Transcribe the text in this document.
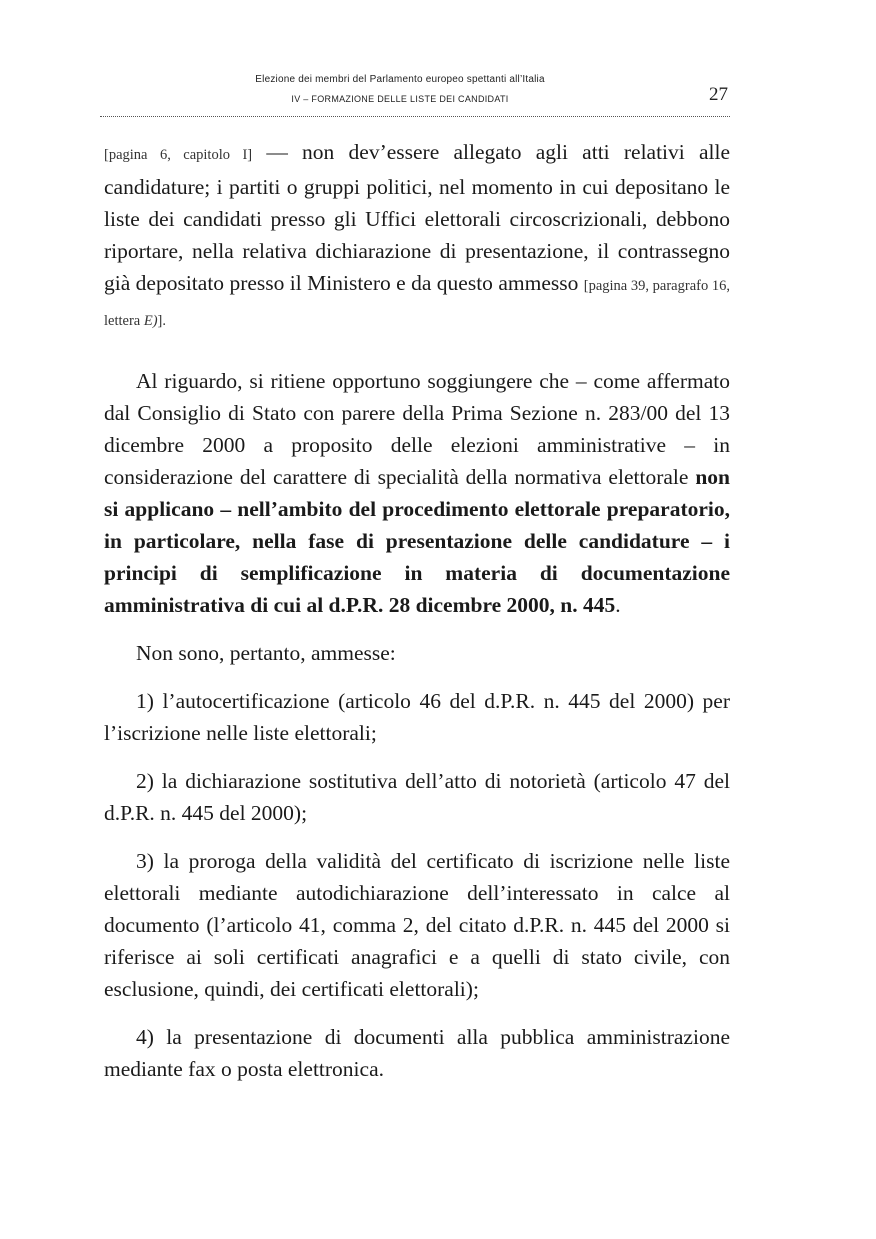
Elezione dei membri del Parlamento europeo spettanti all’Italia
IV – FORMAZIONE DELLE LISTE DEI CANDIDATI	27

[pagina 6, capitolo I] — non dev’essere allegato agli atti relativi alle candidature; i partiti o gruppi politici, nel momento in cui depositano le liste dei candidati presso gli Uffici elettorali circoscrizionali, debbono riportare, nella relativa dichiarazione di presentazione, il contrassegno già depositato presso il Ministero e da questo ammesso [pagina 39, paragrafo 16, lettera E)].

Al riguardo, si ritiene opportuno soggiungere che – come affermato dal Consiglio di Stato con parere della Prima Sezione n. 283/00 del 13 dicembre 2000 a proposito delle elezioni amministrative – in considerazione del carattere di specialità della normativa elettorale non si applicano – nell’ambito del procedimento elettorale preparatorio, in particolare, nella fase di presentazione delle candidature – i principi di semplificazione in materia di documentazione amministrativa di cui al d.P.R. 28 dicembre 2000, n. 445.

Non sono, pertanto, ammesse:

1) l’autocertificazione (articolo 46 del d.P.R. n. 445 del 2000) per l’iscrizione nelle liste elettorali;

2) la dichiarazione sostitutiva dell’atto di notorietà (articolo 47 del d.P.R. n. 445 del 2000);

3) la proroga della validità del certificato di iscrizione nelle liste elettorali mediante autodichiarazione dell’interessato in calce al documento (l’articolo 41, comma 2, del citato d.P.R. n. 445 del 2000 si riferisce ai soli certificati anagrafici e a quelli di stato civile, con esclusione, quindi, dei certificati elettorali);

4) la presentazione di documenti alla pubblica amministrazione mediante fax o posta elettronica.
